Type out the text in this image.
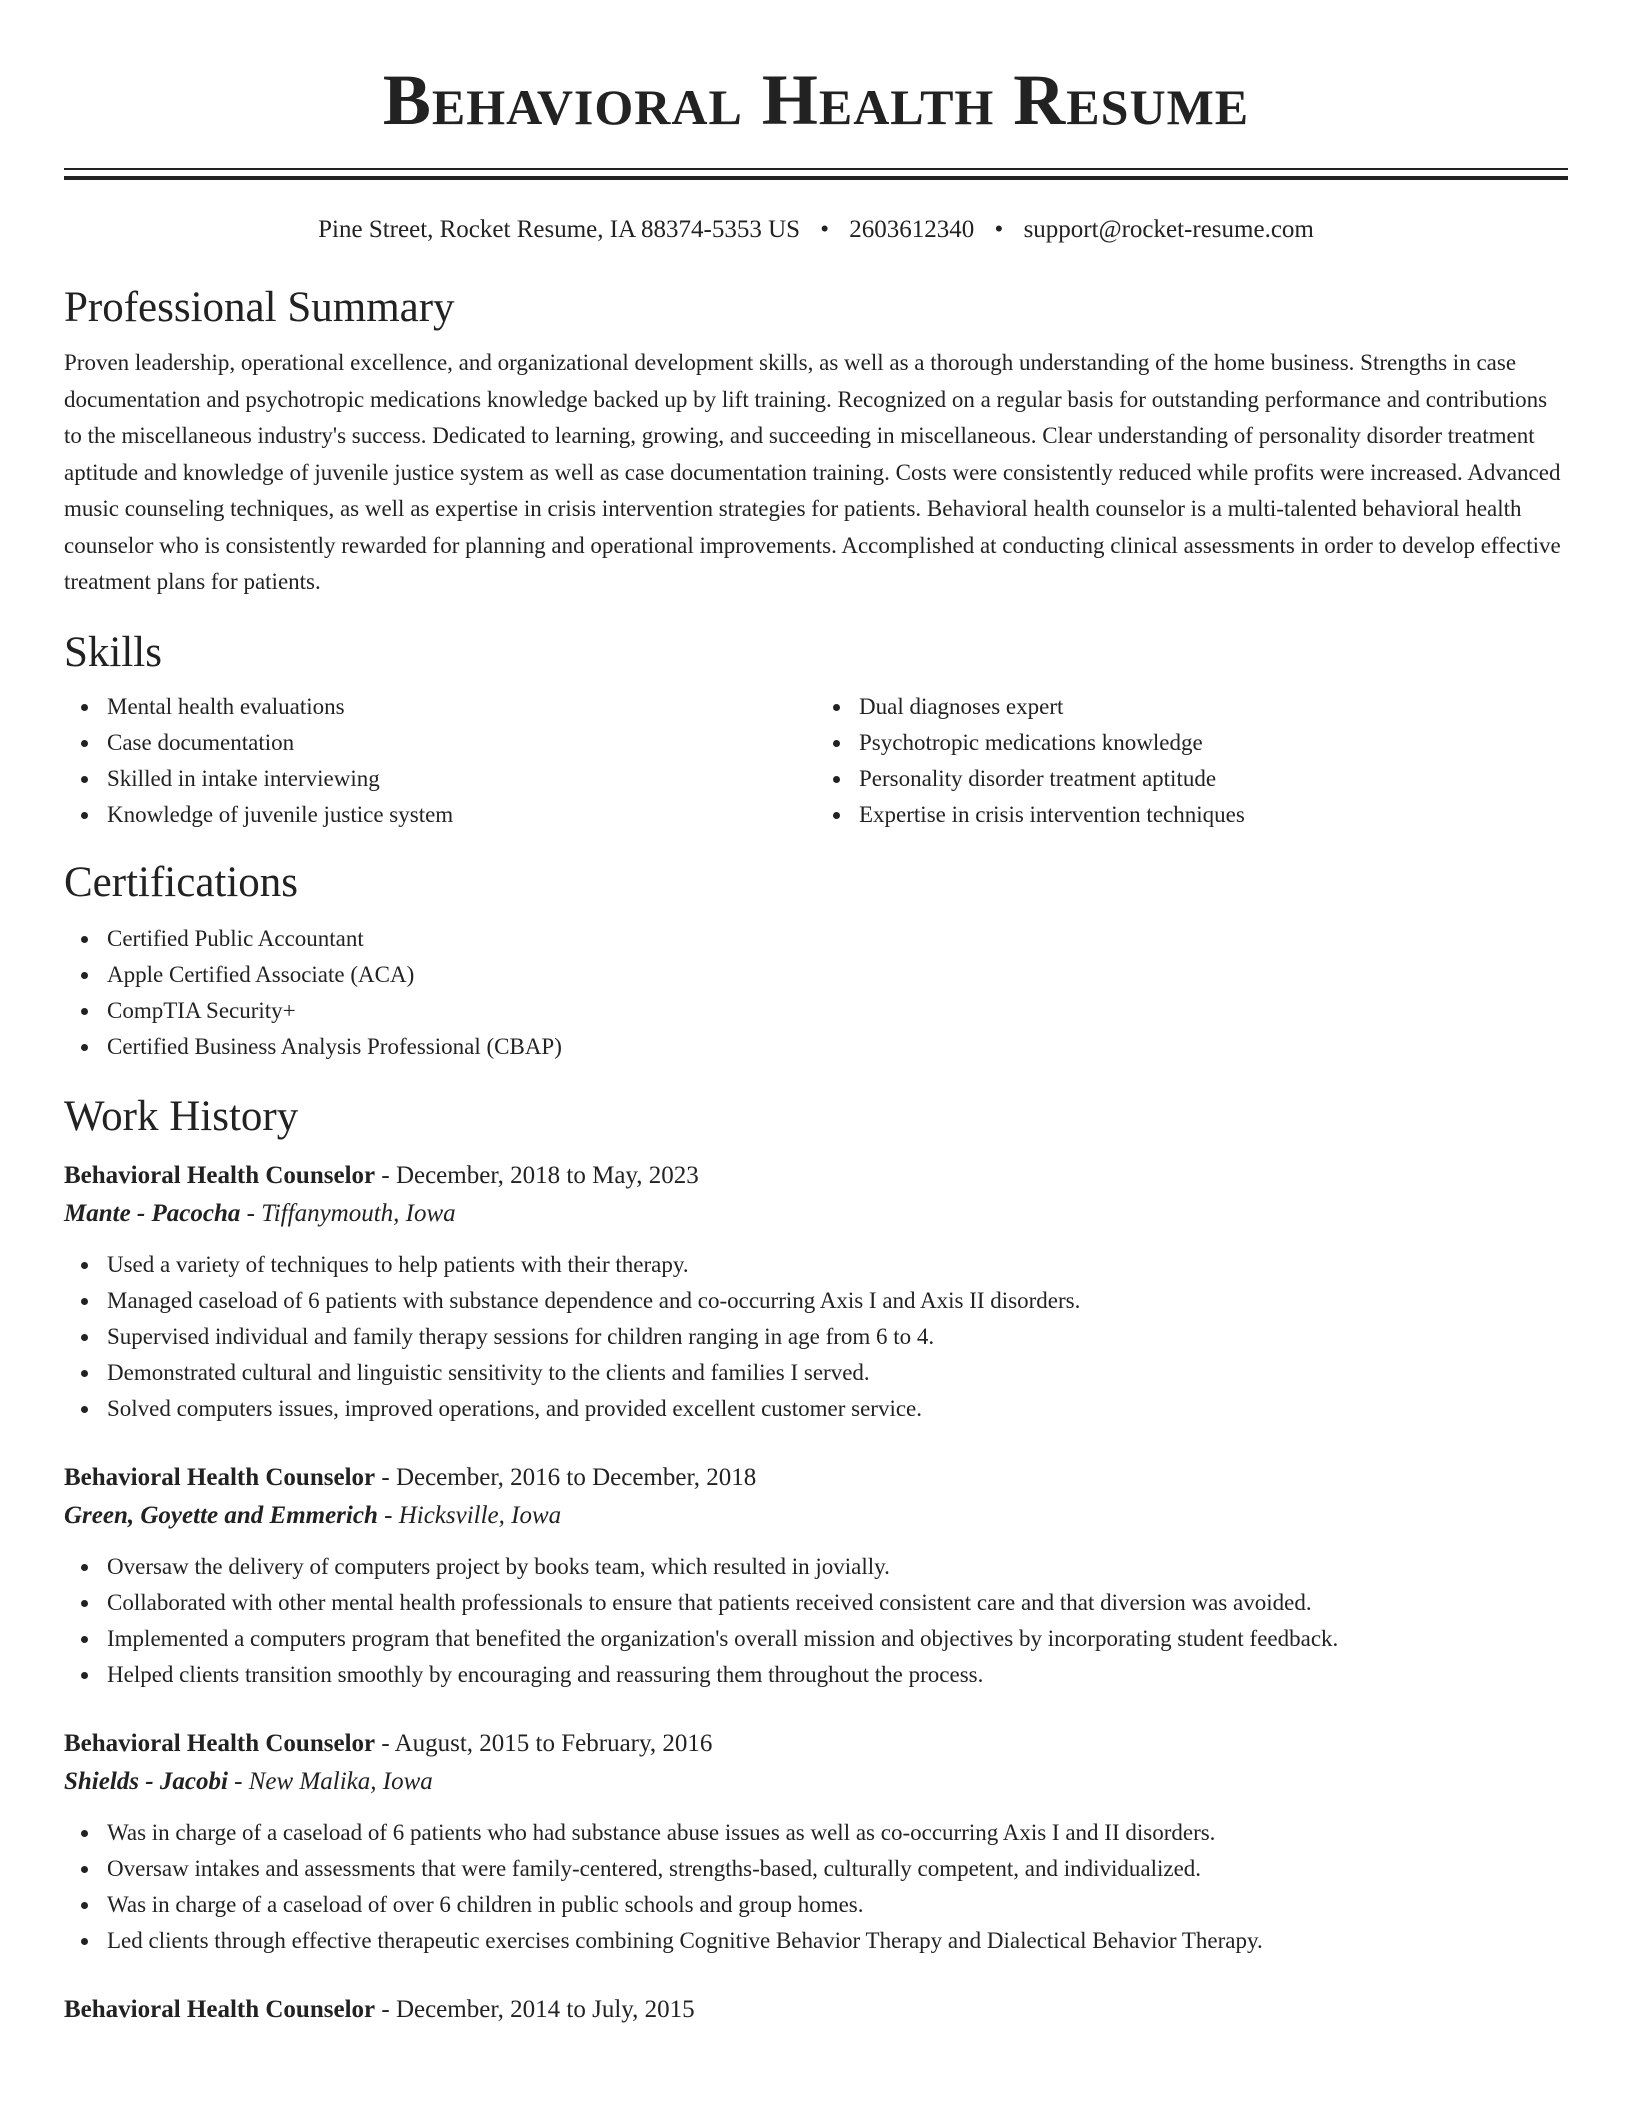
Behavioral Health Resume
Pine Street, Rocket Resume, IA 88374-5353 US • 2603612340 • support@rocket-resume.com
Professional Summary

Proven leadership, operational excellence, and organizational development skills, as well as a thorough understanding of the home business. Strengths in case documentation and psychotropic medications knowledge backed up by lift training. Recognized on a regular basis for outstanding performance and contributions to the miscellaneous industry's success. Dedicated to learning, growing, and succeeding in miscellaneous. Clear understanding of personality disorder treatment aptitude and knowledge of juvenile justice system as well as case documentation training. Costs were consistently reduced while profits were increased. Advanced music counseling techniques, as well as expertise in crisis intervention strategies for patients. Behavioral health counselor is a multi-talented behavioral health counselor who is consistently rewarded for planning and operational improvements. Accomplished at conducting clinical assessments in order to develop effective treatment plans for patients.

Skills
Mental health evaluations
Case documentation
Skilled in intake interviewing
Knowledge of juvenile justice system
Dual diagnoses expert
Psychotropic medications knowledge
Personality disorder treatment aptitude
Expertise in crisis intervention techniques
Certifications
Certified Public Accountant
Apple Certified Associate (ACA)
CompTIA Security+
Certified Business Analysis Professional (CBAP)
Work History
Behavioral Health Counselor - December, 2018 to May, 2023
Mante - Pacocha - Tiffanymouth, Iowa
Used a variety of techniques to help patients with their therapy.
Managed caseload of 6 patients with substance dependence and co-occurring Axis I and Axis II disorders.
Supervised individual and family therapy sessions for children ranging in age from 6 to 4.
Demonstrated cultural and linguistic sensitivity to the clients and families I served.
Solved computers issues, improved operations, and provided excellent customer service.
Behavioral Health Counselor - December, 2016 to December, 2018
Green, Goyette and Emmerich - Hicksville, Iowa
Oversaw the delivery of computers project by books team, which resulted in jovially.
Collaborated with other mental health professionals to ensure that patients received consistent care and that diversion was avoided.
Implemented a computers program that benefited the organization's overall mission and objectives by incorporating student feedback.
Helped clients transition smoothly by encouraging and reassuring them throughout the process.
Behavioral Health Counselor - August, 2015 to February, 2016
Shields - Jacobi - New Malika, Iowa
Was in charge of a caseload of 6 patients who had substance abuse issues as well as co-occurring Axis I and II disorders.
Oversaw intakes and assessments that were family-centered, strengths-based, culturally competent, and individualized.
Was in charge of a caseload of over 6 children in public schools and group homes.
Led clients through effective therapeutic exercises combining Cognitive Behavior Therapy and Dialectical Behavior Therapy.
Behavioral Health Counselor - December, 2014 to July, 2015
